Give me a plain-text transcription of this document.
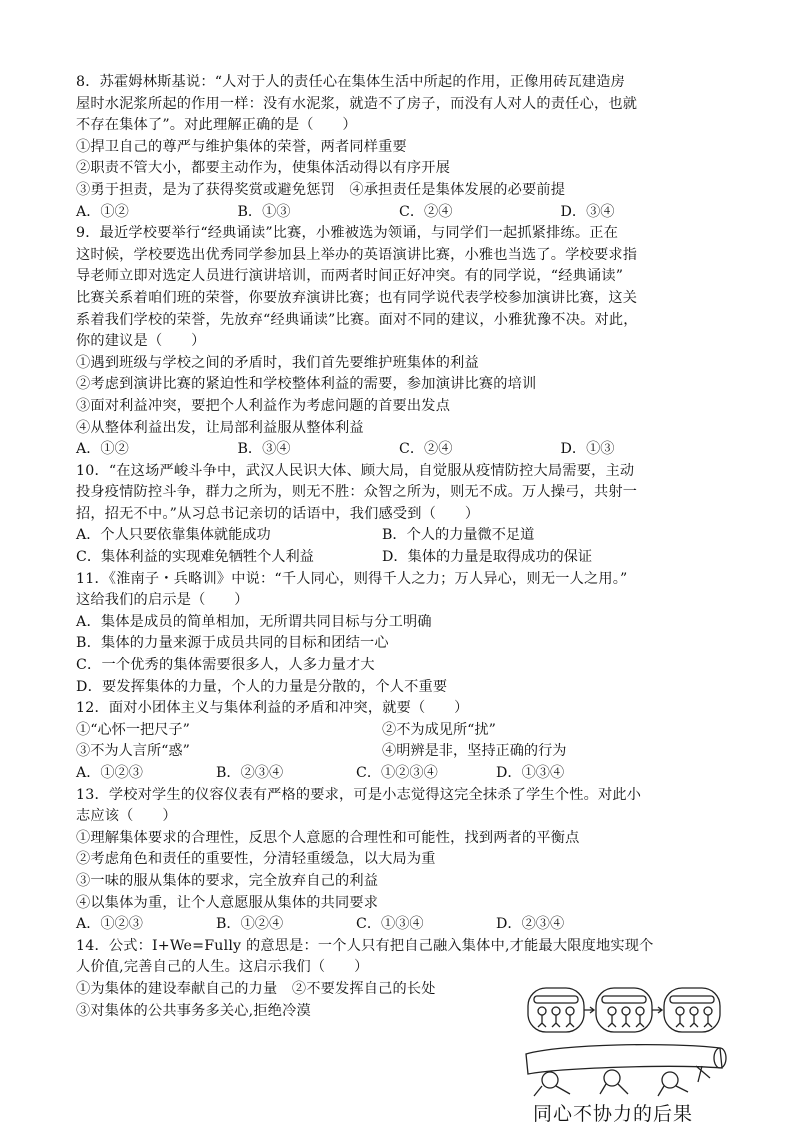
8．苏霍姆林斯基说：“人对于人的责任心在集体生活中所起的作用，正像用砖瓦建造房
屋时水泥浆所起的作用一样：没有水泥浆，就造不了房子，而没有人对人的责任心，也就
不存在集体了”。对此理解正确的是（　　）
①捍卫自己的尊严与维护集体的荣誉，两者同样重要
②职责不管大小，都要主动作为，使集体活动得以有序开展
③勇于担责，是为了获得奖赏或避免惩罚　④承担责任是集体发展的必要前提
A．①②	B．①③	C．②④	D．③④
9．最近学校要举行“经典诵读”比赛，小雅被选为领诵，与同学们一起抓紧排练。正在
这时候，学校要选出优秀同学参加县上举办的英语演讲比赛，小雅也当选了。学校要求指
导老师立即对选定人员进行演讲培训，而两者时间正好冲突。有的同学说，“经典诵读”
比赛关系着咱们班的荣誉，你要放弃演讲比赛；也有同学说代表学校参加演讲比赛，这关
系着我们学校的荣誉，先放弃“经典诵读”比赛。面对不同的建议，小雅犹豫不决。对此，
你的建议是（　　）
①遇到班级与学校之间的矛盾时，我们首先要维护班集体的利益
②考虑到演讲比赛的紧迫性和学校整体利益的需要，参加演讲比赛的培训
③面对利益冲突，要把个人利益作为考虑问题的首要出发点
④从整体利益出发，让局部利益服从整体利益
A．①②	B．③④	C．②④	D．①③
10．“在这场严峻斗争中，武汉人民识大体、顾大局，自觉服从疫情防控大局需要，主动
投身疫情防控斗争，群力之所为，则无不胜：众智之所为，则无不成。万人操弓，共射一
招，招无不中。”从习总书记亲切的话语中，我们感受到（　　）
A．个人只要依靠集体就能成功	B．个人的力量微不足道
C．集体利益的实现难免牺牲个人利益	D．集体的力量是取得成功的保证
11．《淮南子・兵略训》中说：“千人同心，则得千人之力；万人异心，则无一人之用。”
这给我们的启示是（　　）
A．集体是成员的简单相加，无所谓共同目标与分工明确
B．集体的力量来源于成员共同的目标和团结一心
C．一个优秀的集体需要很多人，人多力量才大
D．要发挥集体的力量，个人的力量是分散的，个人不重要
12．面对小团体主义与集体利益的矛盾和冲突，就要（　　）
①“心怀一把尺子”	②不为成见所“扰”
③不为人言所“惑”	④明辨是非，坚持正确的行为
A．①②③	B．②③④	C．①②③④	D．①③④
13．学校对学生的仪容仪表有严格的要求，可是小志觉得这完全抹杀了学生个性。对此小
志应该（　　）
①理解集体要求的合理性，反思个人意愿的合理性和可能性，找到两者的平衡点
②考虑角色和责任的重要性，分清轻重缓急，以大局为重
③一味的服从集体的要求，完全放弃自己的利益
④以集体为重，让个人意愿服从集体的共同要求
A．①②③	B．①②④	C．①③④	D．②③④
14．公式：I+We=Fully 的意思是：一个人只有把自己融入集体中,才能最大限度地实现个
人价值,完善自己的人生。这启示我们（　　）
①为集体的建设奉献自己的力量　②不要发挥自己的长处
③对集体的公共事务多关心,拒绝冷漠
同心不协力的后果
